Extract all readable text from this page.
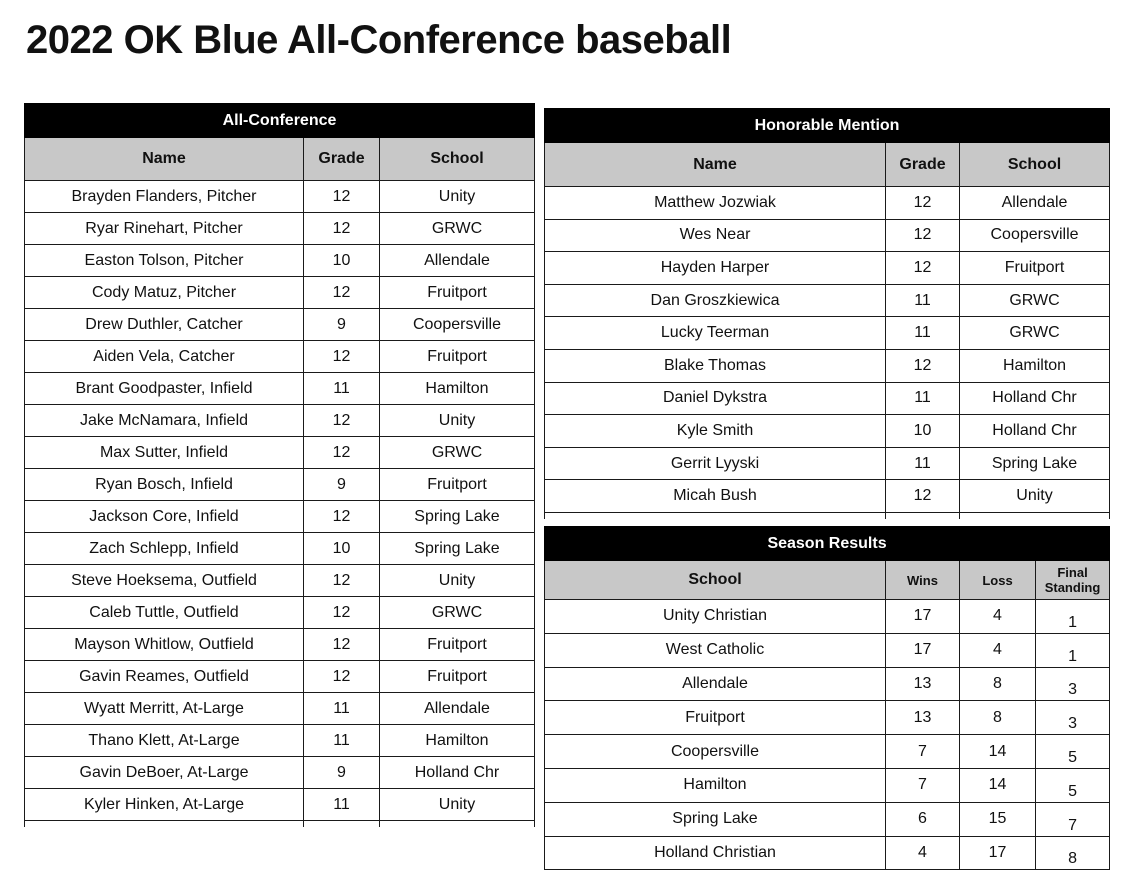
2022 OK Blue All-Conference baseball
All-Conference		
Name	Grade	School
Brayden Flanders, Pitcher	12	Unity
Ryar Rinehart, Pitcher	12	GRWC
Easton Tolson, Pitcher	10	Allendale
Cody Matuz, Pitcher	12	Fruitport
Drew Duthler, Catcher	9	Coopersville
Aiden Vela, Catcher	12	Fruitport
Brant Goodpaster, Infield	11	Hamilton
Jake McNamara, Infield	12	Unity
Max Sutter, Infield	12	GRWC
Ryan Bosch, Infield	9	Fruitport
Jackson Core, Infield	12	Spring Lake
Zach Schlepp, Infield	10	Spring Lake
Steve Hoeksema, Outfield	12	Unity
Caleb Tuttle, Outfield	12	GRWC
Mayson Whitlow, Outfield	12	Fruitport
Gavin Reames, Outfield	12	Fruitport
Wyatt Merritt, At-Large	11	Allendale
Thano Klett, At-Large	11	Hamilton
Gavin DeBoer, At-Large	9	Holland Chr
Kyler Hinken, At-Large	11	Unity

Honorable Mention		
Name	Grade	School
Matthew Jozwiak	12	Allendale
Wes Near	12	Coopersville
Hayden Harper	12	Fruitport
Dan Groszkiewica	11	GRWC
Lucky Teerman	11	GRWC
Blake Thomas	12	Hamilton
Daniel Dykstra	11	Holland Chr
Kyle Smith	10	Holland Chr
Gerrit Lyyski	11	Spring Lake
Micah Bush	12	Unity

Season Results			
School	Wins	Loss	Final Standing
Unity Christian	17	4	1
West Catholic	17	4	1
Allendale	13	8	3
Fruitport	13	8	3
Coopersville	7	14	5
Hamilton	7	14	5
Spring Lake	6	15	7
Holland Christian	4	17	8
